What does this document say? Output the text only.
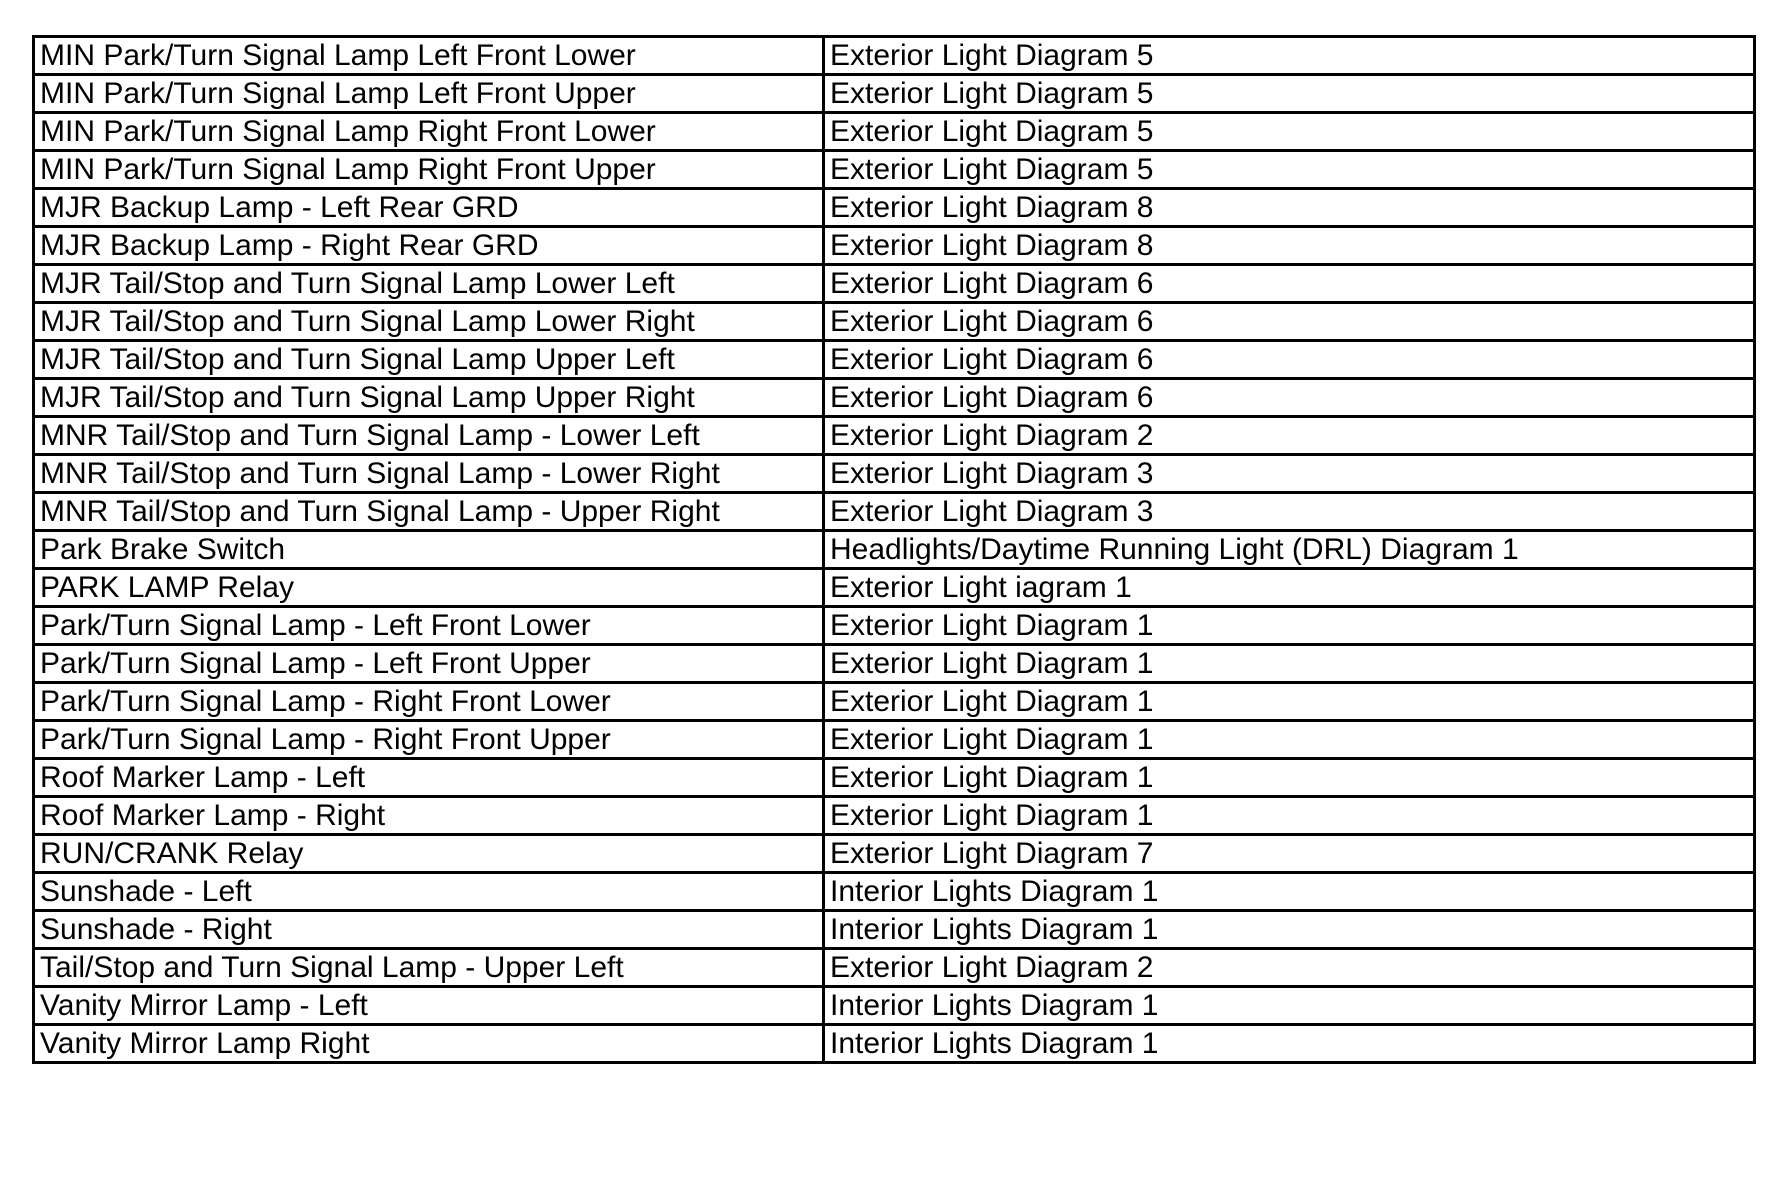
MIN Park/Turn Signal Lamp Left Front Lower	Exterior Light Diagram 5
MIN Park/Turn Signal Lamp Left Front Upper	Exterior Light Diagram 5
MIN Park/Turn Signal Lamp Right Front Lower	Exterior Light Diagram 5
MIN Park/Turn Signal Lamp Right Front Upper	Exterior Light Diagram 5
MJR Backup Lamp - Left Rear GRD	Exterior Light Diagram 8
MJR Backup Lamp - Right Rear GRD	Exterior Light Diagram 8
MJR Tail/Stop and Turn Signal Lamp Lower Left	Exterior Light Diagram 6
MJR Tail/Stop and Turn Signal Lamp Lower Right	Exterior Light Diagram 6
MJR Tail/Stop and Turn Signal Lamp Upper Left	Exterior Light Diagram 6
MJR Tail/Stop and Turn Signal Lamp Upper Right	Exterior Light Diagram 6
MNR Tail/Stop and Turn Signal Lamp - Lower Left	Exterior Light Diagram 2
MNR Tail/Stop and Turn Signal Lamp - Lower Right	Exterior Light Diagram 3
MNR Tail/Stop and Turn Signal Lamp - Upper Right	Exterior Light Diagram 3
Park Brake Switch	Headlights/Daytime Running Light (DRL) Diagram 1
PARK LAMP Relay	Exterior Light iagram 1
Park/Turn Signal Lamp - Left Front Lower	Exterior Light Diagram 1
Park/Turn Signal Lamp - Left Front Upper	Exterior Light Diagram 1
Park/Turn Signal Lamp - Right Front Lower	Exterior Light Diagram 1
Park/Turn Signal Lamp - Right Front Upper	Exterior Light Diagram 1
Roof Marker Lamp - Left	Exterior Light Diagram 1
Roof Marker Lamp - Right	Exterior Light Diagram 1
RUN/CRANK Relay	Exterior Light Diagram 7
Sunshade - Left	Interior Lights Diagram 1
Sunshade - Right	Interior Lights Diagram 1
Tail/Stop and Turn Signal Lamp - Upper Left	Exterior Light Diagram 2
Vanity Mirror Lamp - Left	Interior Lights Diagram 1
Vanity Mirror Lamp Right	Interior Lights Diagram 1
